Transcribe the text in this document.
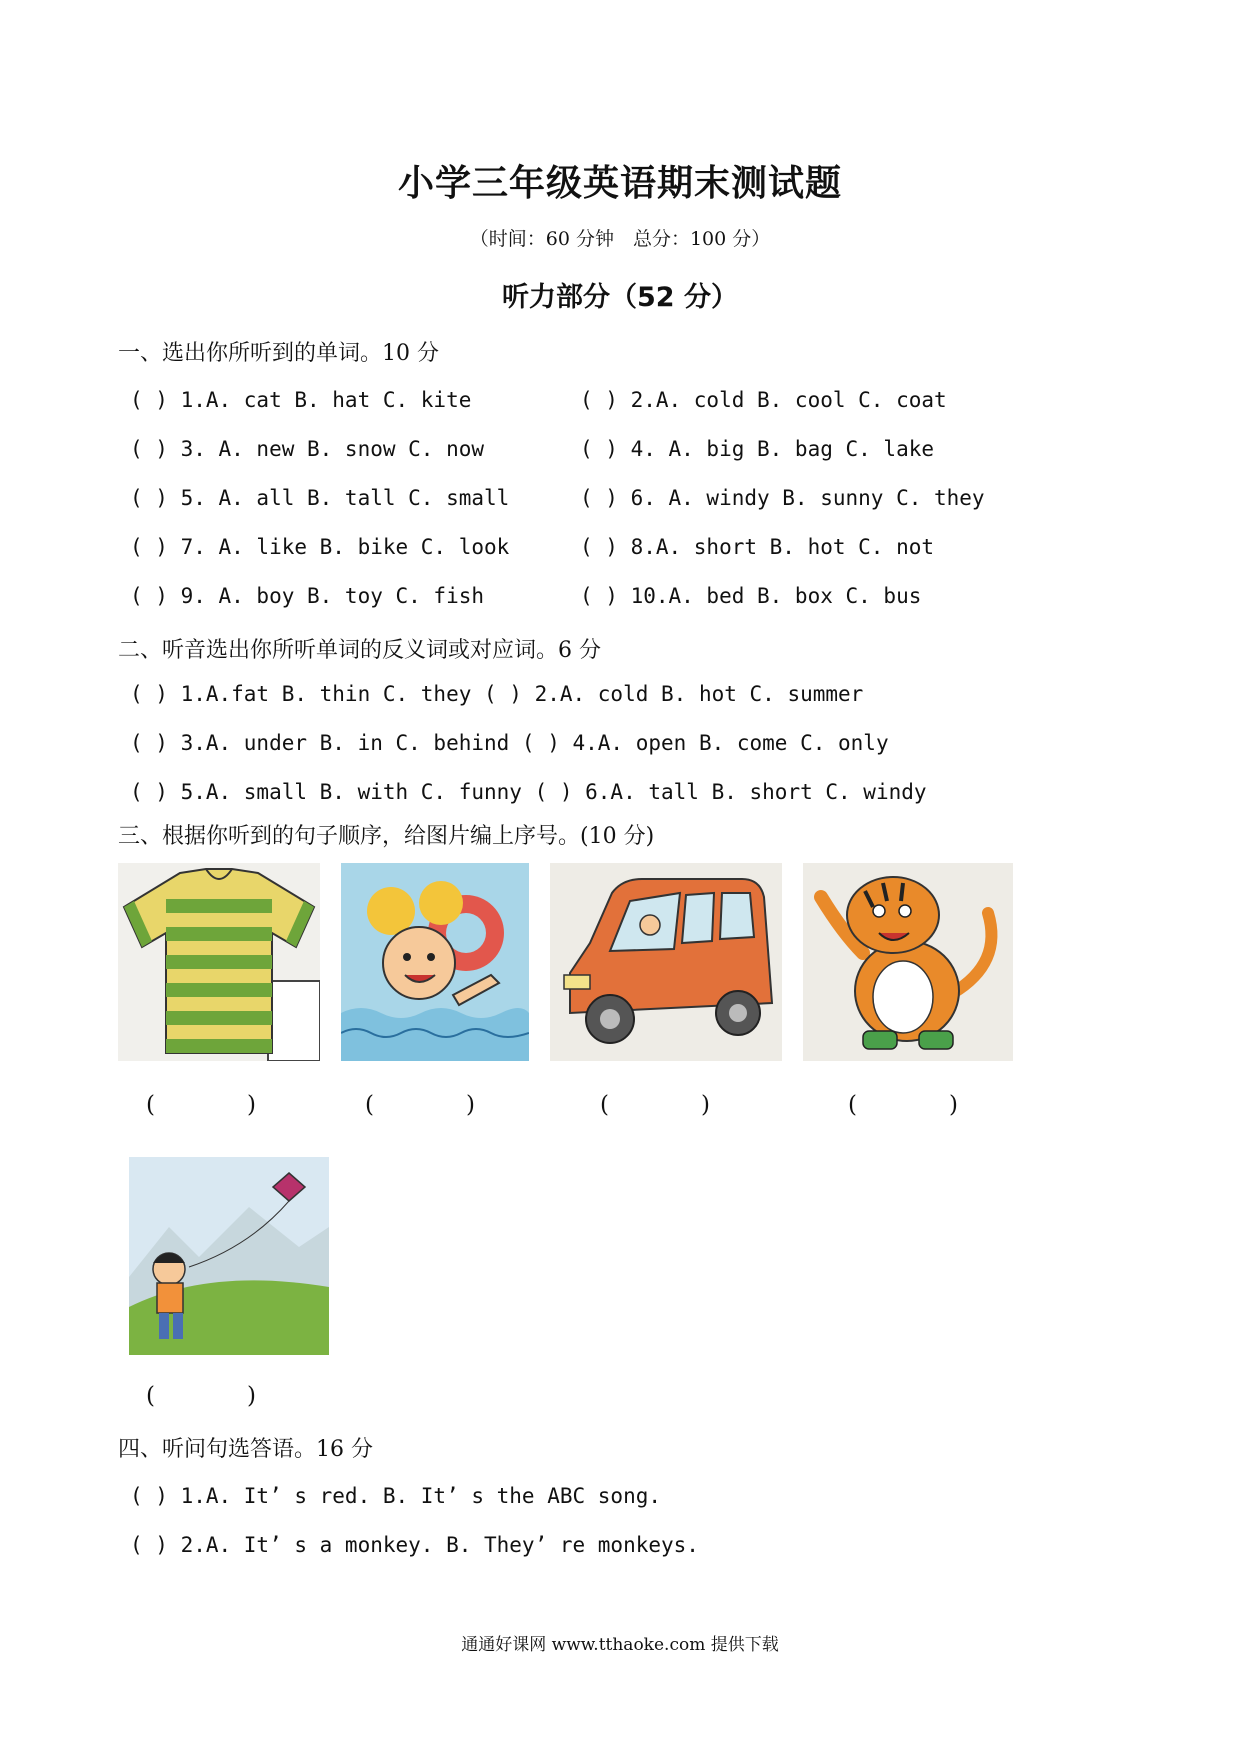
小学三年级英语期末测试题
（时间：60 分钟　总分：100 分）
听力部分（52 分）
一、选出你所听到的单词。10 分
( ) 1.A. cat B. hat C. kite	( ) 2.A. cold B. cool C. coat
( ) 3. A. new B. snow C. now	( ) 4. A. big B. bag C. lake
( ) 5. A. all B. tall C. small	( ) 6. A. windy B. sunny C. they
( ) 7. A. like B. bike C. look	( ) 8.A. short B. hot C. not
( ) 9. A. boy B. toy C. fish	( ) 10.A. bed B. box C. bus
二、听音选出你所听单词的反义词或对应词。6 分
( ) 1.A.fat B. thin C. they ( ) 2.A. cold B. hot C. summer
( ) 3.A. under B. in C. behind ( ) 4.A. open B. come C. only
( ) 5.A. small B. with C. funny ( ) 6.A. tall B. short C. windy
三、根据你听到的句子顺序，给图片编上序号。(10 分)
(　　　　)	(　　　　)	(　　　　)	(　　　　)
(　　　　)
四、听问句选答语。16 分
( ) 1.A. It’ s red. B. It’ s the ABC song.
( ) 2.A. It’ s a monkey. B. They’ re monkeys.
通通好课网 www.tthaoke.com 提供下载
